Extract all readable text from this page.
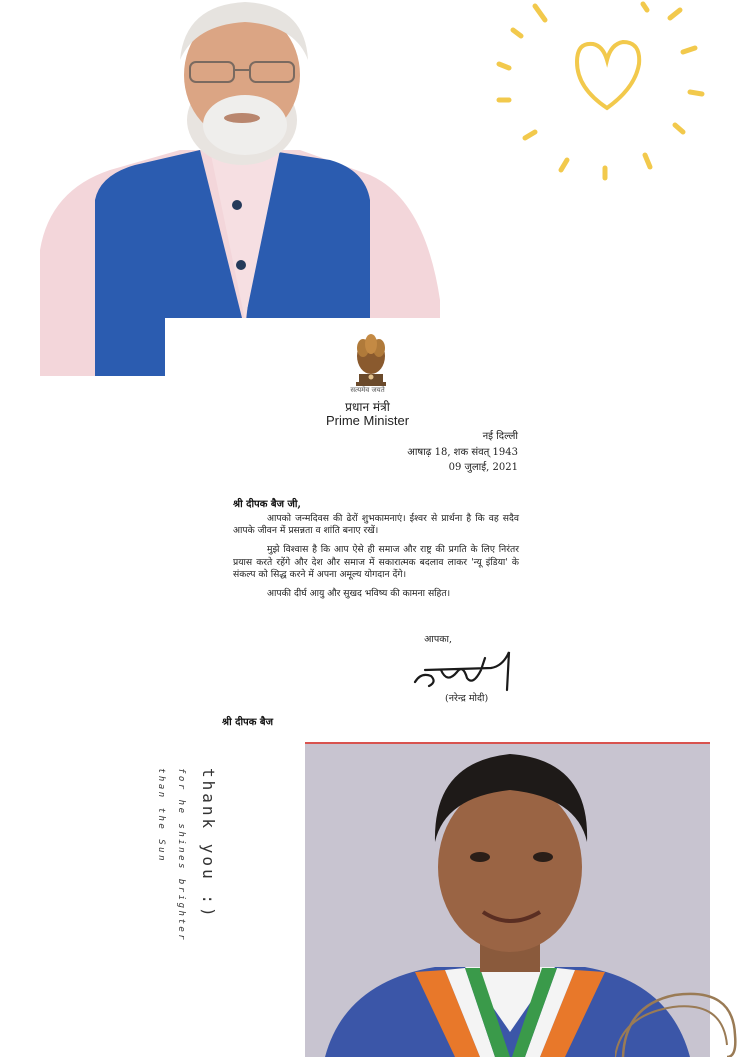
सत्यमेव जयते
प्रधान मंत्री
Prime Minister
नई दिल्ली
आषाढ़ 18, शक संवत् 1943
09 जुलाई, 2021
श्री दीपक बैज जी,

आपको जन्मदिवस की ढेरों शुभकामनाएं। ईश्वर से प्रार्थना है कि वह सदैव आपके जीवन में प्रसन्नता व शांति बनाए रखें।

मुझे विश्वास है कि आप ऐसे ही समाज और राष्ट्र की प्रगति के लिए निरंतर प्रयास करते रहेंगे और देश और समाज में सकारात्मक बदलाव लाकर 'न्यू इंडिया' के संकल्प को सिद्ध करने में अपना अमूल्य योगदान देंगे।

आपकी दीर्घ आयु और सुखद भविष्य की कामना सहित।

आपका,
(नरेन्द्र मोदी)
श्री दीपक बैज
thank you :)
for he shines brighter
than the Sun
